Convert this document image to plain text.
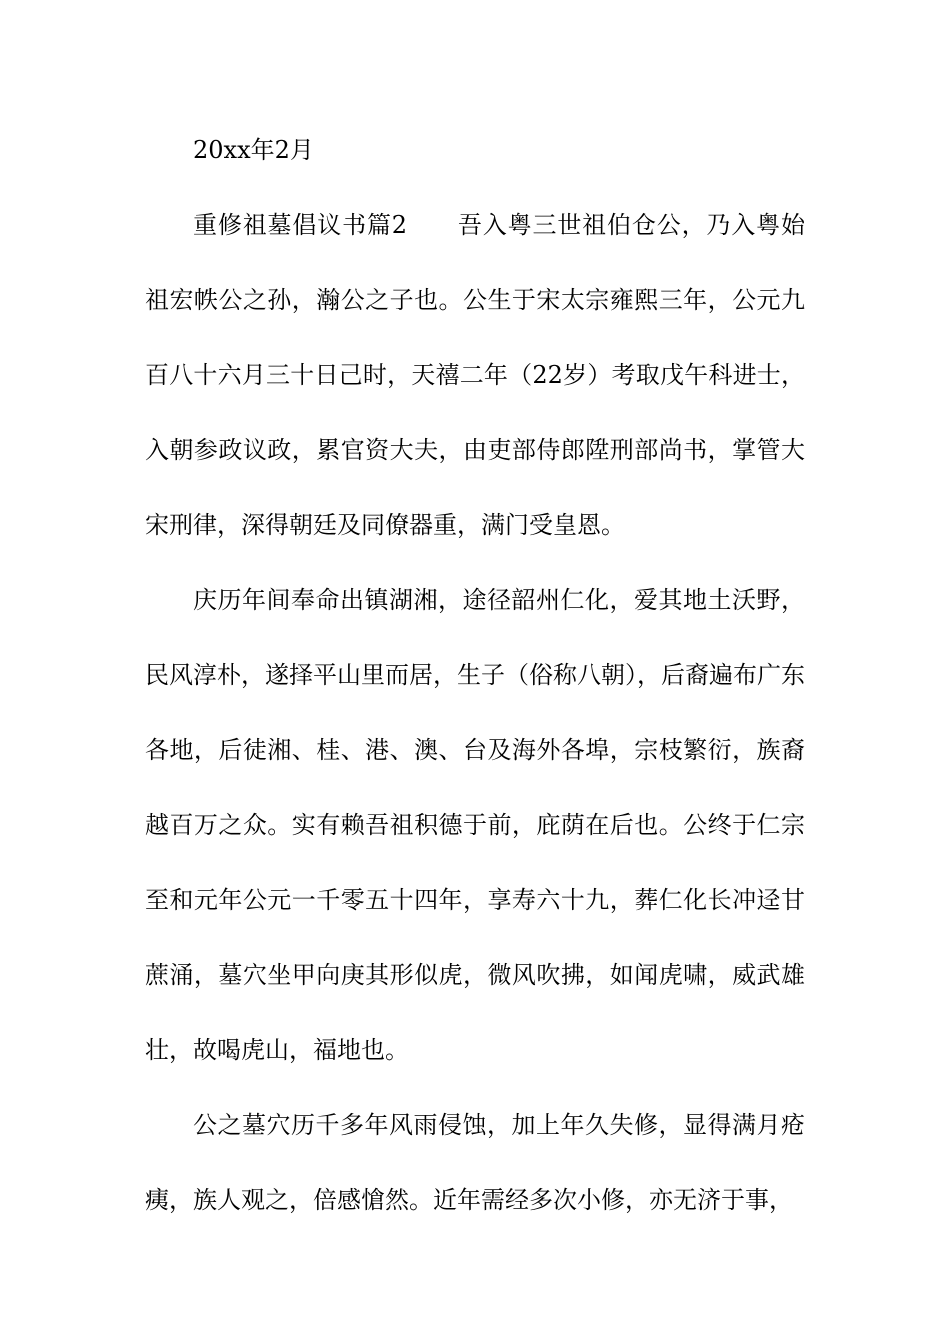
20xx年2月

重修祖墓倡议书篇2 吾入粤三世祖伯仓公，乃入粤始祖宏帙公之孙，瀚公之子也。公生于宋太宗雍熙三年，公元九百八十六月三十日己时，天禧二年（22岁）考取戊午科进士，入朝参政议政，累官资大夫，由吏部侍郎陞刑部尚书，掌管大宋刑律，深得朝廷及同僚器重，满门受皇恩。

庆历年间奉命出镇湖湘，途径韶州仁化，爱其地土沃野，民风淳朴，遂择平山里而居，生子（俗称八朝），后裔遍布广东各地，后徒湘、桂、港、澳、台及海外各埠，宗枝繁衍，族裔越百万之众。实有赖吾祖积德于前，庇荫在后也。公终于仁宗至和元年公元一千零五十四年，享寿六十九，葬仁化长冲迳甘蔗涌，墓穴坐甲向庚其形似虎，微风吹拂，如闻虎啸，威武雄壮，故喝虎山，福地也。

公之墓穴历千多年风雨侵蚀，加上年久失修，显得满月疮痍，族人观之，倍感愴然。近年需经多次小修，亦无济于事，
